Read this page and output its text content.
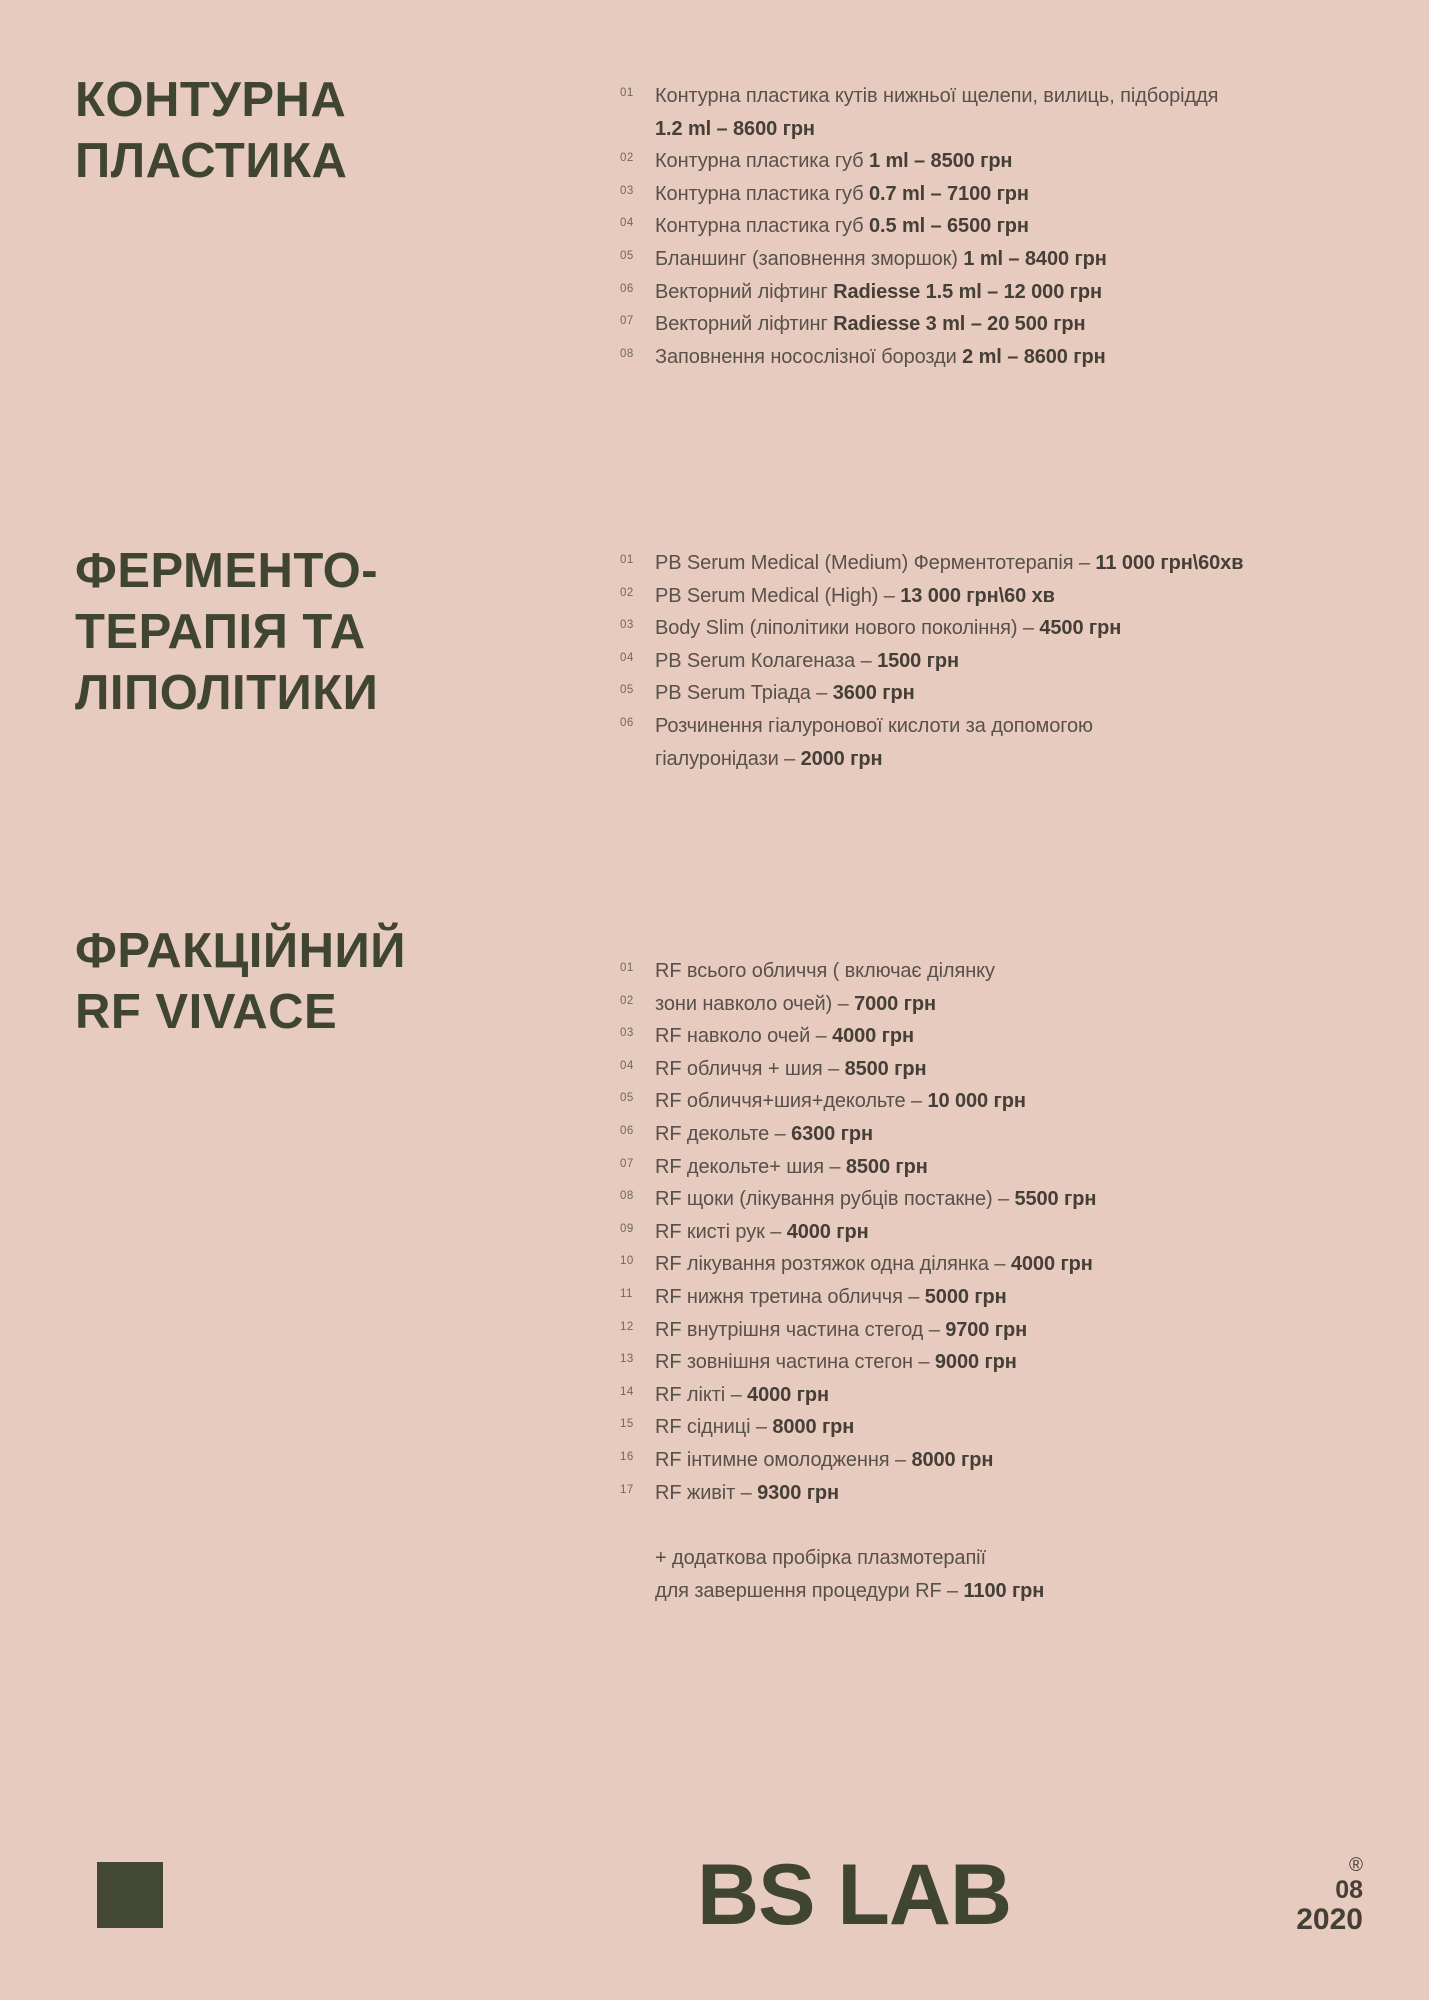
КОНТУРНА
ПЛАСТИКА
01	Контурна пластика кутів нижньої щелепи, вилиць, підборіддя
1.2 ml – 8600 грн
02	Контурна пластика губ 1 ml – 8500 грн
03	Контурна пластика губ 0.7 ml – 7100 грн
04	Контурна пластика губ 0.5 ml – 6500 грн
05	Бланшинг (заповнення зморшок) 1 ml – 8400 грн
06	Векторний ліфтинг Radiesse 1.5 ml – 12 000 грн
07	Векторний ліфтинг Radiesse 3 ml – 20 500 грн
08	Заповнення носослізної борозди 2 ml – 8600 грн
ФЕРМЕНТО-
ТЕРАПІЯ ТА
ЛІПОЛІТИКИ
01	PB Serum Medical (Medium) Ферментотерапія – 11 000 грн\60хв
02	PB Serum Medical (High) – 13 000 грн\60 хв
03	Body Slim (ліполітики нового покоління) – 4500 грн
04	PB Serum Колагеназа – 1500 грн
05	PB Serum Тріада – 3600 грн
06	Розчинення гіалуронової кислоти за допомогою
гіалуронідази – 2000 грн
ФРАКЦІЙНИЙ
RF VIVACE
01	RF всього обличчя ( включає ділянку
02	зони навколо очей) – 7000 грн
03	RF навколо очей – 4000 грн
04	RF обличчя + шия – 8500 грн
05	RF обличчя+шия+декольте – 10 000 грн
06	RF декольте – 6300 грн
07	RF декольте+ шия – 8500 грн
08	RF щоки (лікування рубців постакне) – 5500 грн
09	RF кисті рук – 4000 грн
10	RF лікування розтяжок одна ділянка – 4000 грн
11	RF нижня третина обличчя – 5000 грн
12	RF внутрішня частина стегод – 9700 грн
13	RF зовнішня частина стегон – 9000 грн
14	RF лікті – 4000 грн
15	RF сідниці – 8000 грн
16	RF інтимне омолодження – 8000 грн
17	RF живіт – 9300 грн
+ додаткова пробірка плазмотерапії
для завершення процедури RF – 1100 грн
BS LAB	®
08
2020
